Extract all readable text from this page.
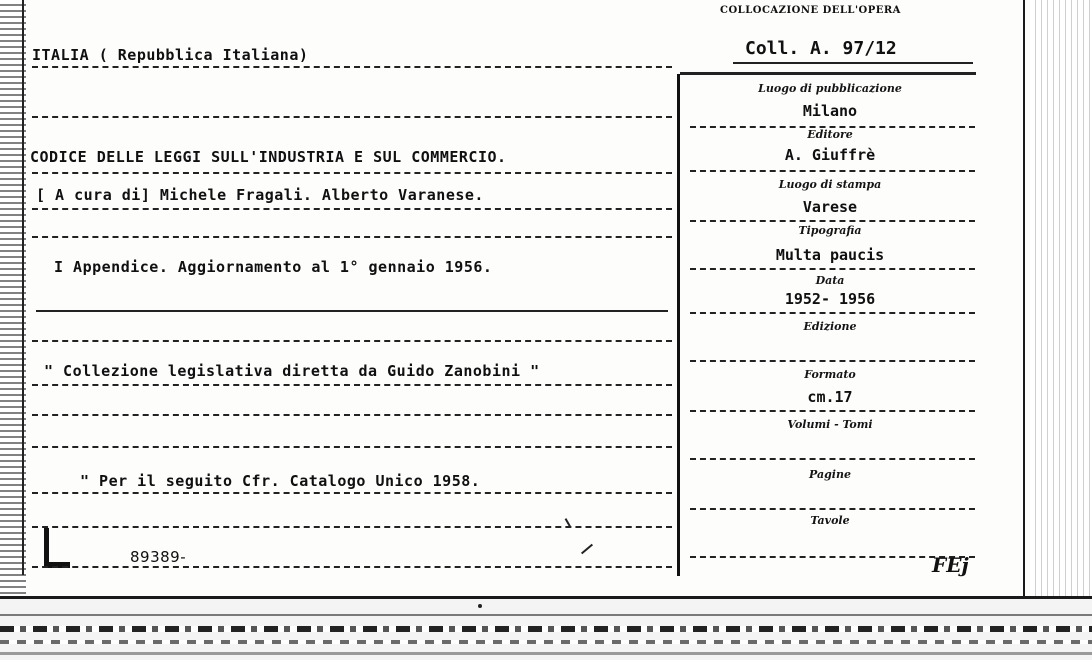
COLLOCAZIONE DELL'OPERA
Coll. A. 97/12
ITALIA ( Repubblica Italiana)
CODICE DELLE LEGGI SULL'INDUSTRIA E SUL COMMERCIO.
[ A cura di] Michele Fragali. Alberto Varanese.
I Appendice. Aggiornamento al 1° gennaio 1956.
" Collezione legislativa diretta da Guido Zanobini "
" Per il seguito Cfr. Catalogo Unico 1958.
89389-
Luogo di pubblicazione
Milano
Editore
A. Giuffrè
Luogo di stampa
Varese
Tipografia
Multa paucis
Data
1952- 1956
Edizione
Formato
cm.17
Volumi - Tomi
Pagine
Tavole
FEj
